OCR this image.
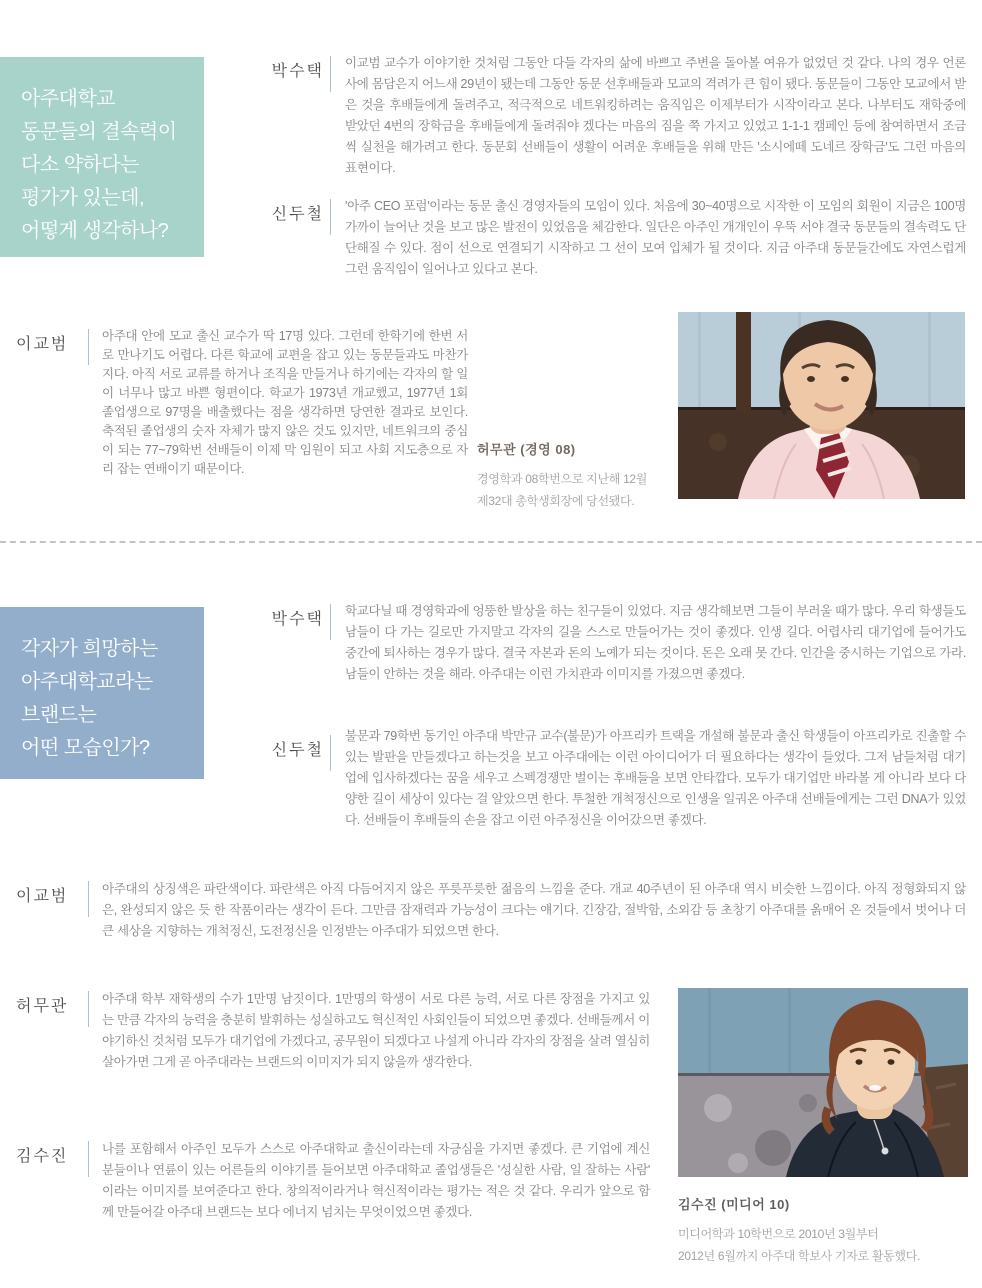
아주대학교
동문들의 결속력이
다소 약하다는
평가가 있는데,
어떻게 생각하나?
박수택 이교범 교수가 이야기한 것처럼 그동안 다들 각자의 삶에 바쁘고 주변을 돌아볼 여유가 없었던 것 같다. 나의 경우 언론사에 몸담은지 어느새 29년이 됐는데 그동안 동문 선후배들과 모교의 격려가 큰 힘이 됐다. 동문들이 그동안 모교에서 받은 것을 후배들에게 돌려주고, 적극적으로 네트워킹하려는 움직임은 이제부터가 시작이라고 본다. 나부터도 재학중에 받았던 4번의 장학금을 후배들에게 돌려줘야 겠다는 마음의 짐을 쭉 가지고 있었고 1-1-1 캠페인 등에 참여하면서 조금씩 실천을 해가려고 한다. 동문회 선배들이 생활이 어려운 후배들을 위해 만든 '소시에떼 도네르 장학금'도 그런 마음의 표현이다.
신두철 '아주 CEO 포럼'이라는 동문 출신 경영자들의 모임이 있다. 처음에 30~40명으로 시작한 이 모임의 회원이 지금은 100명 가까이 늘어난 것을 보고 많은 발전이 있었음을 체감한다. 일단은 아주인 개개인이 우뚝 서야 결국 동문들의 결속력도 단단해질 수 있다. 점이 선으로 연결되기 시작하고 그 선이 모여 입체가 될 것이다. 지금 아주대 동문들간에도 자연스럽게 그런 움직임이 일어나고 있다고 본다.
이교범	아주대 안에 모교 출신 교수가 딱 17명 있다. 그런데 한학기에 한번 서로 만나기도 어렵다. 다른 학교에 교편을 잡고 있는 동문들과도 마찬가지다. 아직 서로 교류를 하거나 조직을 만들거나 하기에는 각자의 할 일이 너무나 많고 바쁜 형편이다. 학교가 1973년 개교했고, 1977년 1회 졸업생으로 97명을 배출했다는 점을 생각하면 당연한 결과로 보인다. 축적된 졸업생의 숫자 자체가 많지 않은 것도 있지만, 네트워크의 중심이 되는 77~79학번 선배들이 이제 막 임원이 되고 사회 지도층으로 자리 잡는 연배이기 때문이다.
허무관 (경영 08)
경영학과 08학번으로 지난해 12월
제32대 총학생회장에 당선됐다.
각자가 희망하는
아주대학교라는
브랜드는
어떤 모습인가?
박수택 학교다닐 때 경영학과에 엉뚱한 발상을 하는 친구들이 있었다. 지금 생각해보면 그들이 부러울 때가 많다. 우리 학생들도 남들이 다 가는 길로만 가지말고 각자의 길을 스스로 만들어가는 것이 좋겠다. 인생 길다. 어렵사리 대기업에 들어가도 중간에 퇴사하는 경우가 많다. 결국 자본과 돈의 노예가 되는 것이다. 돈은 오래 못 간다. 인간을 중시하는 기업으로 가라. 남들이 안하는 것을 해라. 아주대는 이런 가치관과 이미지를 가졌으면 좋겠다.
신두철
불문과 79학번 동기인 아주대 박만규 교수(불문)가 아프리카 트랙을 개설해 불문과 출신 학생들이 아프리카로 진출할 수 있는 발판을 만들겠다고 하는것을 보고 아주대에는 이런 아이디어가 더 필요하다는 생각이 들었다. 그저 남들처럼 대기업에 입사하겠다는 꿈을 세우고 스펙경쟁만 벌이는 후배들을 보면 안타깝다. 모두가 대기업만 바라볼 게 아니라 보다 다양한 길이 세상이 있다는 걸 알았으면 한다. 투철한 개척정신으로 인생을 일궈온 아주대 선배들에게는 그런 DNA가 있었다. 선배들이 후배들의 손을 잡고 이런 아주정신을 이어갔으면 좋겠다.
이교범	아주대의 상징색은 파란색이다. 파란색은 아직 다듬어지지 않은 푸릇푸릇한 젊음의 느낌을 준다. 개교 40주년이 된 아주대 역시 비슷한 느낌이다. 아직 정형화되지 않은, 완성되지 않은 듯 한 작품이라는 생각이 든다. 그만큼 잠재력과 가능성이 크다는 얘기다. 긴장감, 절박함, 소외감 등 초창기 아주대를 옭매어 온 것들에서 벗어나 더 큰 세상을 지향하는 개척정신, 도전정신을 인정받는 아주대가 되었으면 한다.
허무관	아주대 학부 재학생의 수가 1만명 남짓이다. 1만명의 학생이 서로 다른 능력, 서로 다른 장점을 가지고 있는 만큼 각자의 능력을 충분히 발휘하는 성실하고도 혁신적인 사회인들이 되었으면 좋겠다. 선배들께서 이야기하신 것처럼 모두가 대기업에 가겠다고, 공무원이 되겠다고 나설게 아니라 각자의 장점을 살려 열심히 살아가면 그게 곧 아주대라는 브랜드의 이미지가 되지 않을까 생각한다.
김수진	나를 포함해서 아주인 모두가 스스로 아주대학교 출신이라는데 자긍심을 가지면 좋겠다. 큰 기업에 계신 분들이나 연륜이 있는 어른들의 이야기를 들어보면 아주대학교 졸업생들은 '성실한 사람, 일 잘하는 사람' 이라는 이미지를 보여준다고 한다. 창의적이라거나 혁신적이라는 평가는 적은 것 같다. 우리가 앞으로 함께 만들어갈 아주대 브랜드는 보다 에너지 넘치는 무엇이었으면 좋겠다.	김수진 (미디어 10)
미디어학과 10학번으로 2010년 3월부터
2012년 6월까지 아주대 학보사 기자로 활동했다.
